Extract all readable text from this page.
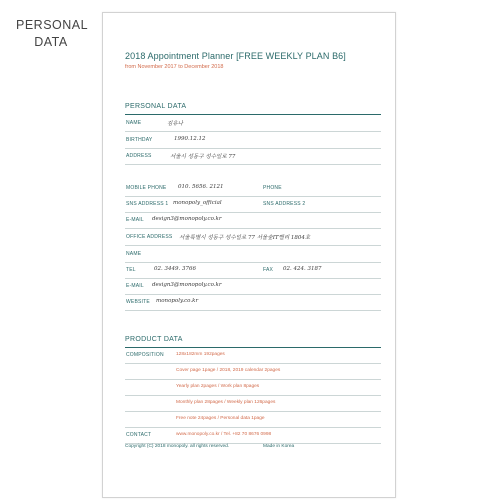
PERSONAL
DATA
2018 Appointment Planner [FREE WEEKLY PLAN B6]
from November 2017 to December 2018
PERSONAL DATA
NAME	김유나
BIRTHDAY	1990.12.12
ADDRESS	서울시 성동구 성수일로 77
MOBILE PHONE 010. 5656. 2121	PHONE
SNS ADDRESS 1 monopoly_official	SNS ADDRESS 2
E-MAIL design3@monopoly.co.kr
OFFICE ADDRESS 서울특별시 성동구 성수일로 77 서울숲IT밸리 1804호
NAME
TEL	02. 3449. 3766	FAX 02. 424. 3187
E-MAIL design3@monopoly.co.kr
WEBSITE monopoly.co.kr
PRODUCT DATA
COMPOSITION	128x182mm 192pages
Cover page 1page / 2018, 2019 calendar 2pages
Yearly plan 2pages / Work plan 8pages
Monthly plan 28pages / Weekly plan 126pages
Free note 24pages / Personal data 1page
CONTACT	www.monopoly.co.kr / Tel. +82 70 8676 0998
Copyright (C) 2018 monopoly. all rights reserved.	Made in Korea
